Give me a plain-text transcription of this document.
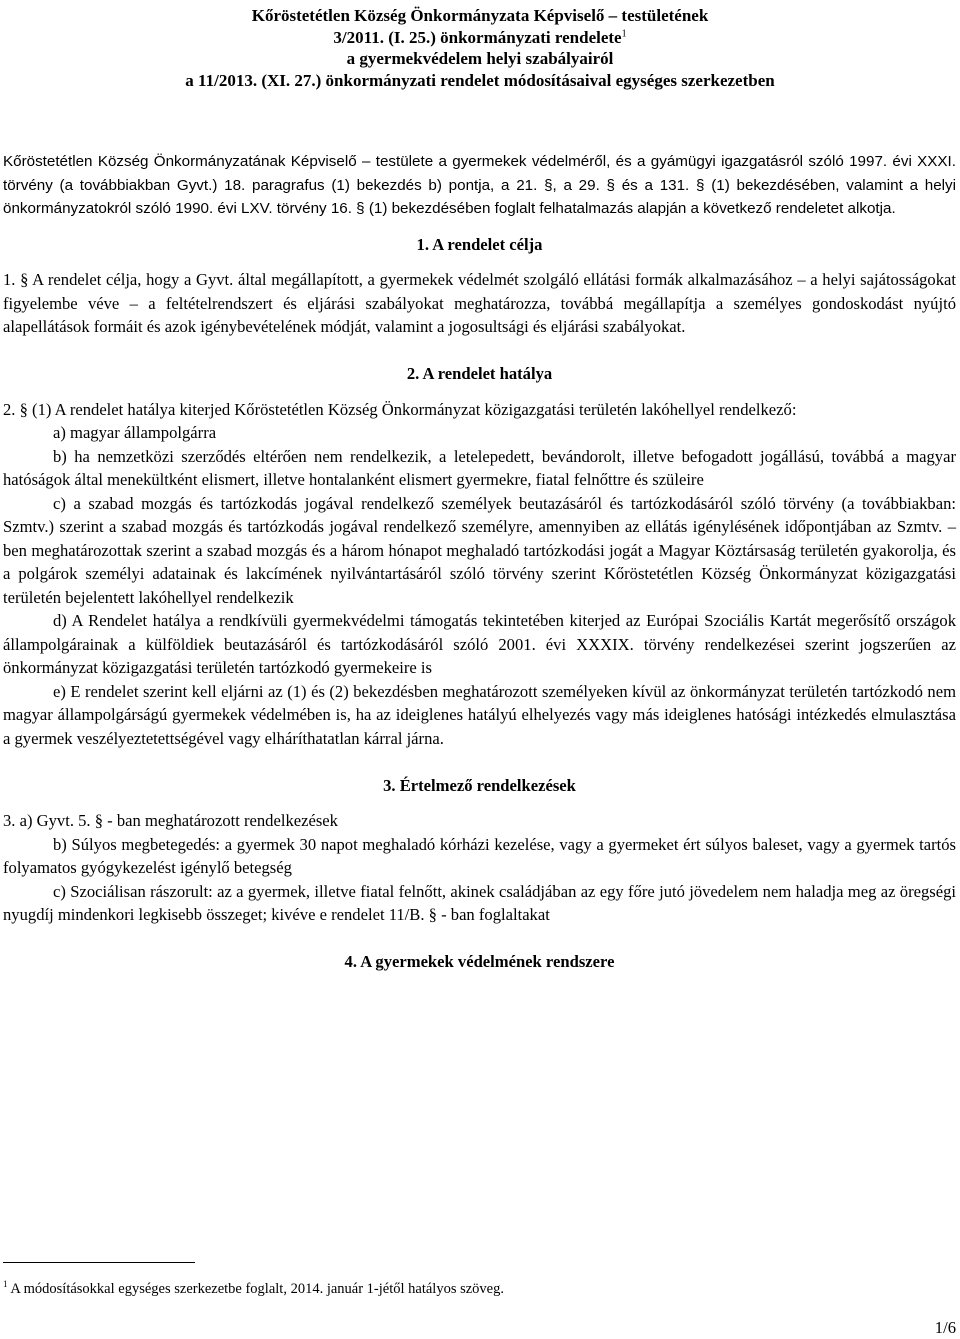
Kőröstetétlen Község Önkormányzata Képviselő – testületének

3/2011. (I. 25.) önkormányzati rendelete$^1$

a gyermekvédelem helyi szabályairól

a 11/2013. (XI. 27.) önkormányzati rendelet módosításaival egységes szerkezetben

Kőröstetétlen Község Önkormányzatának Képviselő – testülete a gyermekek védelméről, és a gyámügyi igazgatásról szóló 1997. évi XXXI. törvény (a továbbiakban Gyvt.) 18. paragrafus (1) bekezdés b) pontja, a 21. §, a 29. § és a 131. § (1) bekezdésében, valamint a helyi önkormányzatokról szóló 1990. évi LXV. törvény 16. § (1) bekezdésében foglalt felhatalmazás alapján a következő rendeletet alkotja.

1. A rendelet célja

1. § A rendelet célja, hogy a Gyvt. által megállapított, a gyermekek védelmét szolgáló ellátási formák alkalmazásához – a helyi sajátosságokat figyelembe véve – a feltételrendszert és eljárási szabályokat meghatározza, továbbá megállapítja a személyes gondoskodást nyújtó alapellátások formáit és azok igénybevételének módját, valamint a jogosultsági és eljárási szabályokat.

2. A rendelet hatálya

2. § (1) A rendelet hatálya kiterjed Kőröstetétlen Község Önkormányzat közigazgatási területén lakóhellyel rendelkező:

a) magyar állampolgárra

b) ha nemzetközi szerződés eltérően nem rendelkezik, a letelepedett, bevándorolt, illetve befogadott jogállású, továbbá a magyar hatóságok által menekültként elismert, illetve hontalanként elismert gyermekre, fiatal felnőttre és szüleire

c) a szabad mozgás és tartózkodás jogával rendelkező személyek beutazásáról és tartózkodásáról szóló törvény (a továbbiakban: Szmtv.) szerint a szabad mozgás és tartózkodás jogával rendelkező személyre, amennyiben az ellátás igénylésének időpontjában az Szmtv. –ben meghatározottak szerint a szabad mozgás és a három hónapot meghaladó tartózkodási jogát a Magyar Köztársaság területén gyakorolja, és a polgárok személyi adatainak és lakcímének nyilvántartásáról szóló törvény szerint Kőröstetétlen Község Önkormányzat közigazgatási területén bejelentett lakóhellyel rendelkezik

d) A Rendelet hatálya a rendkívüli gyermekvédelmi támogatás tekintetében kiterjed az Európai Szociális Kartát megerősítő országok állampolgárainak a külföldiek beutazásáról és tartózkodásáról szóló 2001. évi XXXIX. törvény rendelkezései szerint jogszerűen az önkormányzat közigazgatási területén tartózkodó gyermekeire is

e) E rendelet szerint kell eljárni az (1) és (2) bekezdésben meghatározott személyeken kívül az önkormányzat területén tartózkodó nem magyar állampolgárságú gyermekek védelmében is, ha az ideiglenes hatályú elhelyezés vagy más ideiglenes hatósági intézkedés elmulasztása a gyermek veszélyeztetettségével vagy elháríthatatlan kárral járna.

3. Értelmező rendelkezések

3. a) Gyvt. 5. § - ban meghatározott rendelkezések

b) Súlyos megbetegedés: a gyermek 30 napot meghaladó kórházi kezelése, vagy a gyermeket ért súlyos baleset, vagy a gyermek tartós folyamatos gyógykezelést igénylő betegség

c) Szociálisan rászorult: az a gyermek, illetve fiatal felnőtt, akinek családjában az egy főre jutó jövedelem nem haladja meg az öregségi nyugdíj mindenkori legkisebb összeget; kivéve e rendelet 11/B. § - ban foglaltakat

4. A gyermekek védelmének rendszere
$^1$ A módosításokkal egységes szerkezetbe foglalt, 2014. január 1-jétől hatályos szöveg.
1/6
